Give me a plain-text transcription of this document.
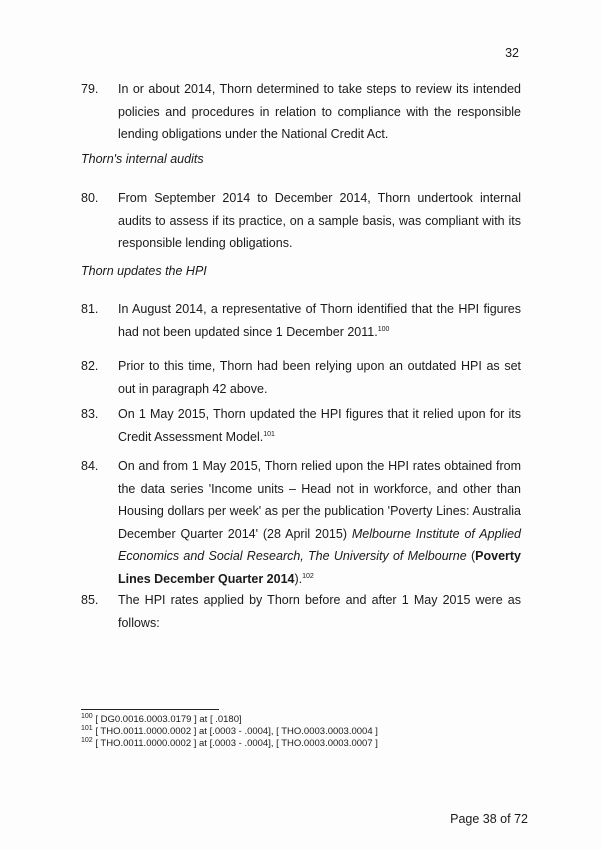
32
79. In or about 2014, Thorn determined to take steps to review its intended policies and procedures in relation to compliance with the responsible lending obligations under the National Credit Act.
Thorn's internal audits
80. From September 2014 to December 2014, Thorn undertook internal audits to assess if its practice, on a sample basis, was compliant with its responsible lending obligations.
Thorn updates the HPI
81. In August 2014, a representative of Thorn identified that the HPI figures had not been updated since 1 December 2011.$^{100}$
82. Prior to this time, Thorn had been relying upon an outdated HPI as set out in paragraph 42 above.
83. On 1 May 2015, Thorn updated the HPI figures that it relied upon for its Credit Assessment Model.$^{101}$
84. On and from 1 May 2015, Thorn relied upon the HPI rates obtained from the data series 'Income units – Head not in workforce, and other than Housing dollars per week' as per the publication 'Poverty Lines: Australia December Quarter 2014' (28 April 2015) Melbourne Institute of Applied Economics and Social Research, The University of Melbourne (Poverty Lines December Quarter 2014).$^{102}$
85. The HPI rates applied by Thorn before and after 1 May 2015 were as follows:
$^{100}$ [ DG0.0016.0003.0179 ] at [ .0180]
$^{101}$ [ THO.0011.0000.0002 ] at [.0003 - .0004], [ THO.0003.0003.0004 ]
$^{102}$ [ THO.0011.0000.0002 ] at [.0003 - .0004], [ THO.0003.0003.0007 ]
Page 38 of 72
